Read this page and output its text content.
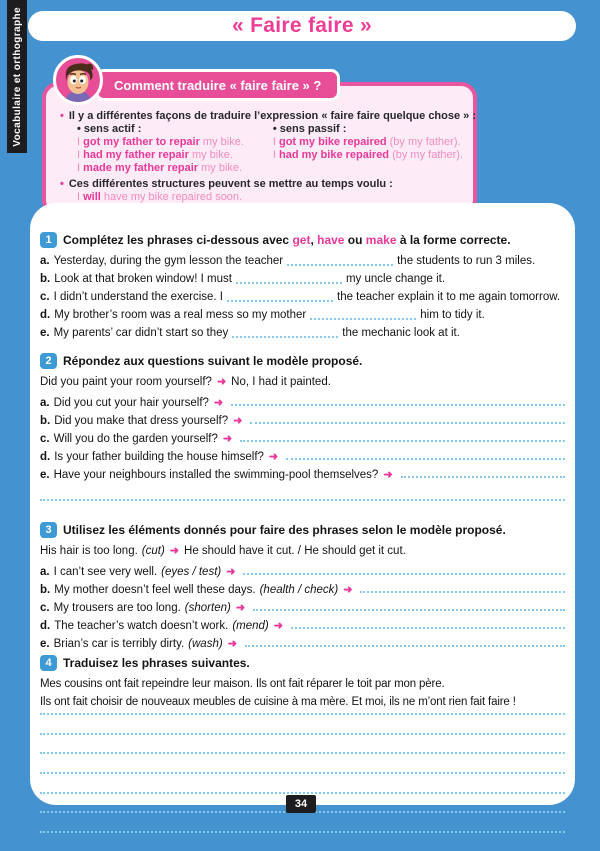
Vocabulaire et orthographe	« Faire faire »
Comment traduire « faire faire » ?
• Il y a différentes façons de traduire l’expression « faire faire quelque chose » :
• sens actif :
I got my father to repair my bike.
I had my father repair my bike.
I made my father repair my bike.
• sens passif :
I got my bike repaired (by my father).
I had my bike repaired (by my father).
• Ces différentes structures peuvent se mettre au temps voulu :
I will have my bike repaired soon.
1 Complétez les phrases ci-dessous avec get, have ou make à la forme correcte.
a. Yesterday, during the gym lesson the teacher	the students to run 3 miles.
b. Look at that broken window! I must	my uncle change it.
c. I didn’t understand the exercise. I	the teacher explain it to me again tomorrow.
d. My brother’s room was a real mess so my mother	him to tidy it.
e. My parents’ car didn’t start so they	the mechanic look at it.
2 Répondez aux questions suivant le modèle proposé.
Did you paint your room yourself? ➜ No, I had it painted.
a. Did you cut your hair yourself? ➜
b. Did you make that dress yourself? ➜
c. Will you do the garden yourself? ➜
d. Is your father building the house himself? ➜
e. Have your neighbours installed the swimming-pool themselves? ➜
3 Utilisez les éléments donnés pour faire des phrases selon le modèle proposé.
His hair is too long. (cut) ➜ He should have it cut. / He should get it cut.
a. I can’t see very well. (eyes / test) ➜
b. My mother doesn’t feel well these days. (health / check) ➜
c. My trousers are too long. (shorten) ➜
d. The teacher’s watch doesn’t work. (mend) ➜
e. Brian’s car is terribly dirty. (wash) ➜
4 Traduisez les phrases suivantes.
Mes cousins ont fait repeindre leur maison. Ils ont fait réparer le toit par mon père.
Ils ont fait choisir de nouveaux meubles de cuisine à ma mère. Et moi, ils ne m’ont rien fait faire !
34
